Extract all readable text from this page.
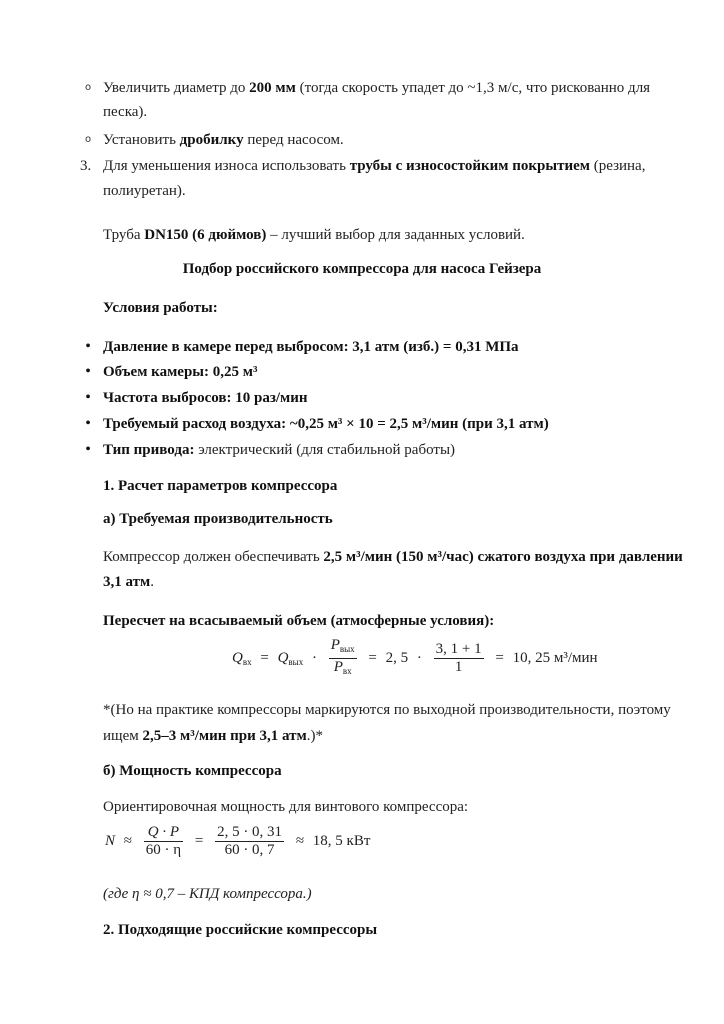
o Увеличить диаметр до 200 мм (тогда скорость упадет до ~1,3 м/с, что рискованно для
песка).
o Установить дробилку перед насосом.
3. Для уменьшения износа использовать трубы с износостойким покрытием (резина,
полиуретан).
Труба DN150 (6 дюймов) – лучший выбор для заданных условий.
Подбор российского компрессора для насоса Гейзера
Условия работы:
• Давление в камере перед выбросом: 3,1 атм (изб.) = 0,31 МПа
• Объем камеры: 0,25 м³
• Частота выбросов: 10 раз/мин
• Требуемый расход воздуха: ~0,25 м³ × 10 = 2,5 м³/мин (при 3,1 атм)
• Тип привода: электрический (для стабильной работы)
1. Расчет параметров компрессора
а) Требуемая производительность
Компрессор должен обеспечивать 2,5 м³/мин (150 м³/час) сжатого воздуха при давлении
3,1 атм.
Пересчет на всасываемый объем (атмосферные условия):
$Q_{вх} = Q_{вых} \cdot \frac{P_{вых}}{P_{вх}} = 2$, $5 \cdot \frac{3, 1 + 1}{1} = 10$, 25 м³/мин
*(Но на практике компрессоры маркируются по выходной производительности, поэтому
ищем 2,5–3 м³/мин при 3,1 атм.)*
б) Мощность компрессора
Ориентировочная мощность для винтового компрессора:
$N \approx \frac{Q \cdot P}{60 \cdot \eta} = \frac{2, 5 \cdot 0, 31}{60 \cdot 0, 7} \approx 18$, 5 кВт
(где η ≈ 0,7 – КПД компрессора.)
2. Подходящие российские компрессоры
